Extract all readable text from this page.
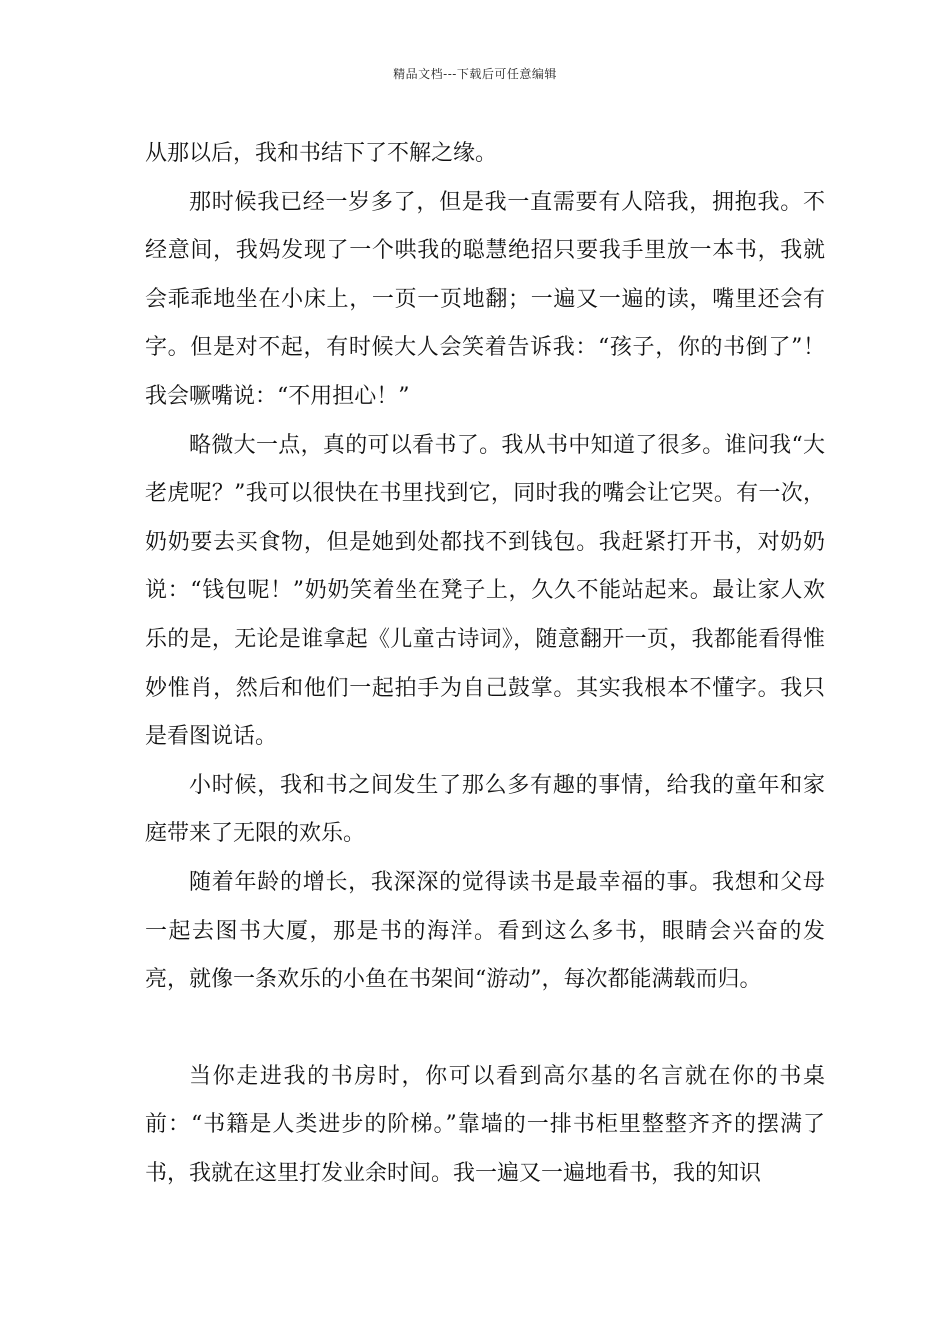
精品文档---下载后可任意编辑

从那以后，我和书结下了不解之缘。

那时候我已经一岁多了，但是我一直需要有人陪我，拥抱我。不经意间，我妈发现了一个哄我的聪慧绝招只要我手里放一本书，我就会乖乖地坐在小床上，一页一页地翻；一遍又一遍的读，嘴里还会有字。但是对不起，有时候大人会笑着告诉我：“孩子，你的书倒了”！我会噘嘴说：“不用担心！”

略微大一点，真的可以看书了。我从书中知道了很多。谁问我“大老虎呢？”我可以很快在书里找到它，同时我的嘴会让它哭。有一次，奶奶要去买食物，但是她到处都找不到钱包。我赶紧打开书，对奶奶说：“钱包呢！”奶奶笑着坐在凳子上，久久不能站起来。最让家人欢乐的是，无论是谁拿起《儿童古诗词》，随意翻开一页，我都能看得惟妙惟肖，然后和他们一起拍手为自己鼓掌。其实我根本不懂字。我只是看图说话。

小时候，我和书之间发生了那么多有趣的事情，给我的童年和家庭带来了无限的欢乐。

随着年龄的增长，我深深的觉得读书是最幸福的事。我想和父母一起去图书大厦，那是书的海洋。看到这么多书，眼睛会兴奋的发亮，就像一条欢乐的小鱼在书架间“游动”，每次都能满载而归。

当你走进我的书房时，你可以看到高尔基的名言就在你的书桌前：“书籍是人类进步的阶梯。”靠墙的一排书柜里整整齐齐的摆满了书，我就在这里打发业余时间。我一遍又一遍地看书，我的知识
